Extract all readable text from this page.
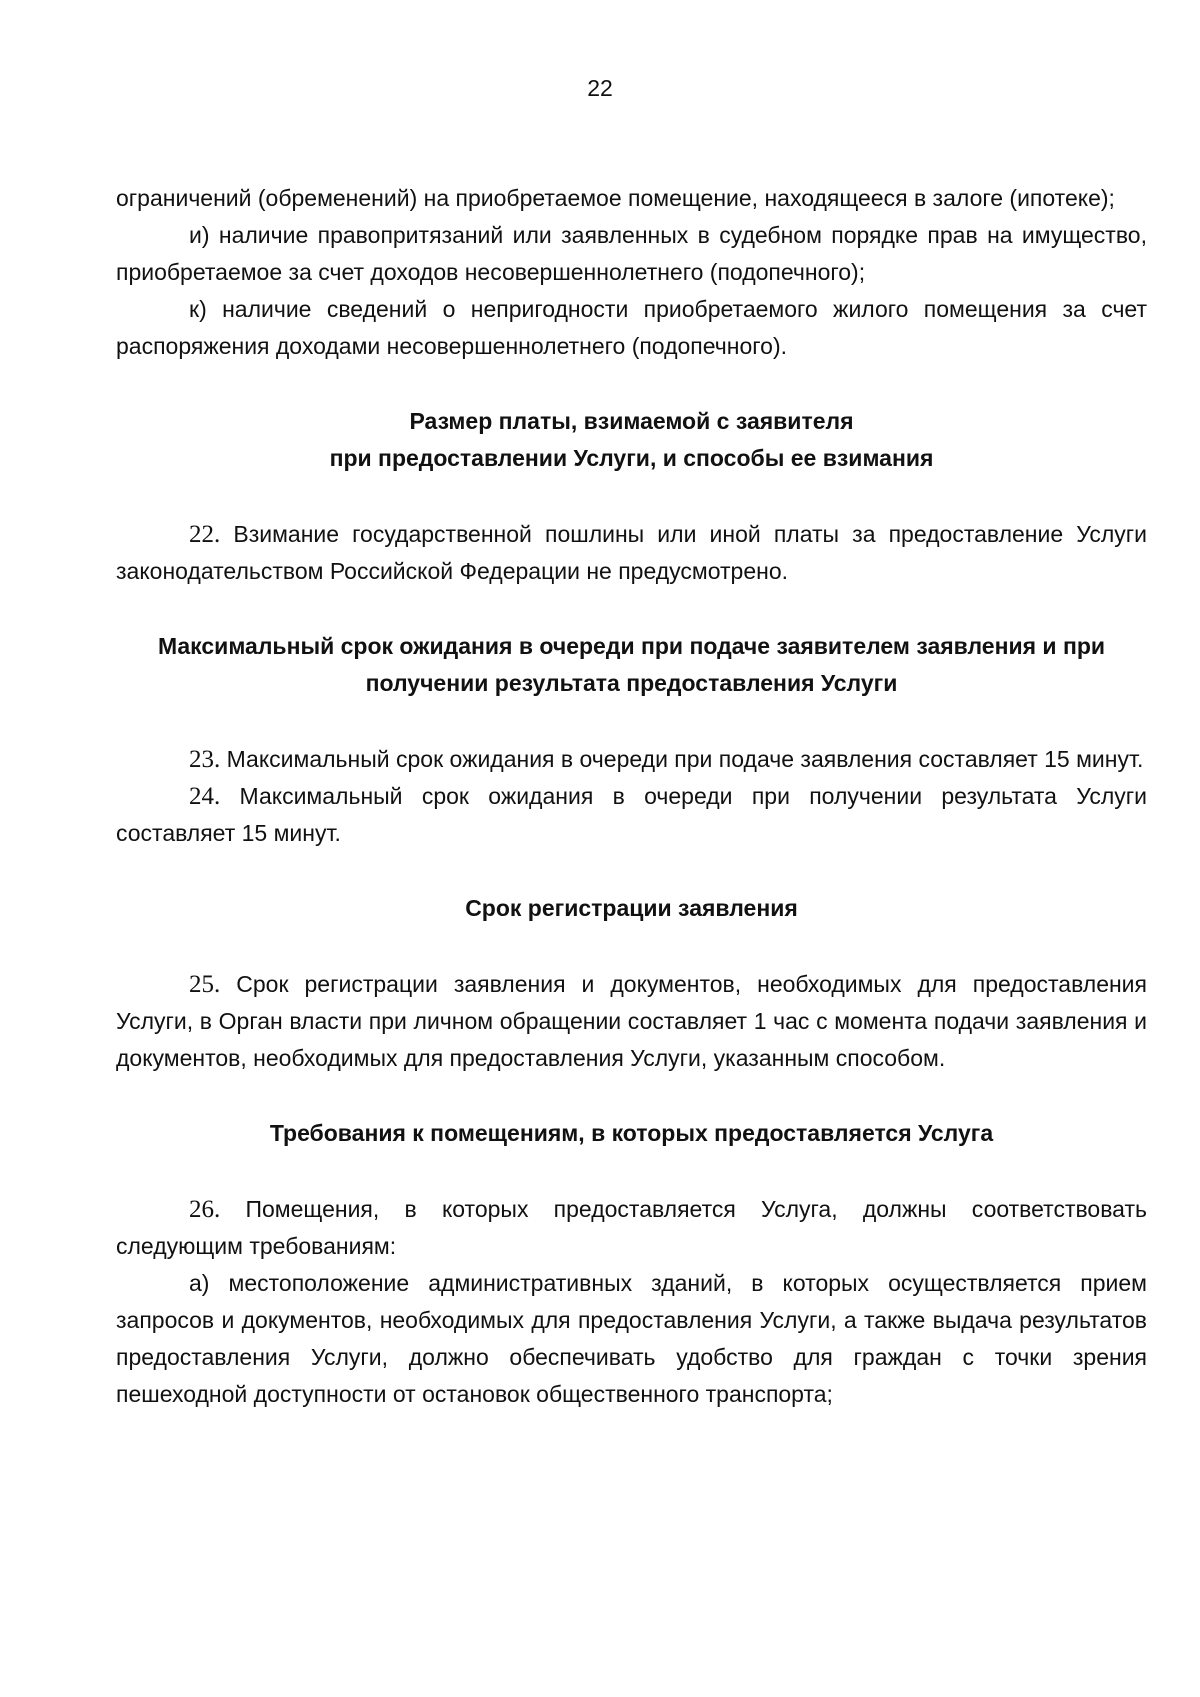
22

ограничений (обременений) на приобретаемое помещение, находящееся в залоге (ипотеке);

и) наличие правопритязаний или заявленных в судебном порядке прав на имущество, приобретаемое за счет доходов несовершеннолетнего (подопечного);

к) наличие сведений о непригодности приобретаемого жилого помещения за счет распоряжения доходами несовершеннолетнего (подопечного).

Размер платы, взимаемой с заявителя

при предоставлении Услуги, и способы ее взимания

22. Взимание государственной пошлины или иной платы за предоставление Услуги законодательством Российской Федерации не предусмотрено.

Максимальный срок ожидания в очереди при подаче заявителем заявления и при

получении результата предоставления Услуги

23. Максимальный срок ожидания в очереди при подаче заявления составляет 15 минут.

24. Максимальный срок ожидания в очереди при получении результата Услуги составляет 15 минут.

Срок регистрации заявления

25. Срок регистрации заявления и документов, необходимых для предоставления Услуги, в Орган власти при личном обращении составляет 1 час с момента подачи заявления и документов, необходимых для предоставления Услуги, указанным способом.

Требования к помещениям, в которых предоставляется Услуга

26. Помещения, в которых предоставляется Услуга, должны соответствовать следующим требованиям:

а) местоположение административных зданий, в которых осуществляется прием запросов и документов, необходимых для предоставления Услуги, а также выдача результатов предоставления Услуги, должно обеспечивать удобство для граждан с точки зрения пешеходной доступности от остановок общественного транспорта;
